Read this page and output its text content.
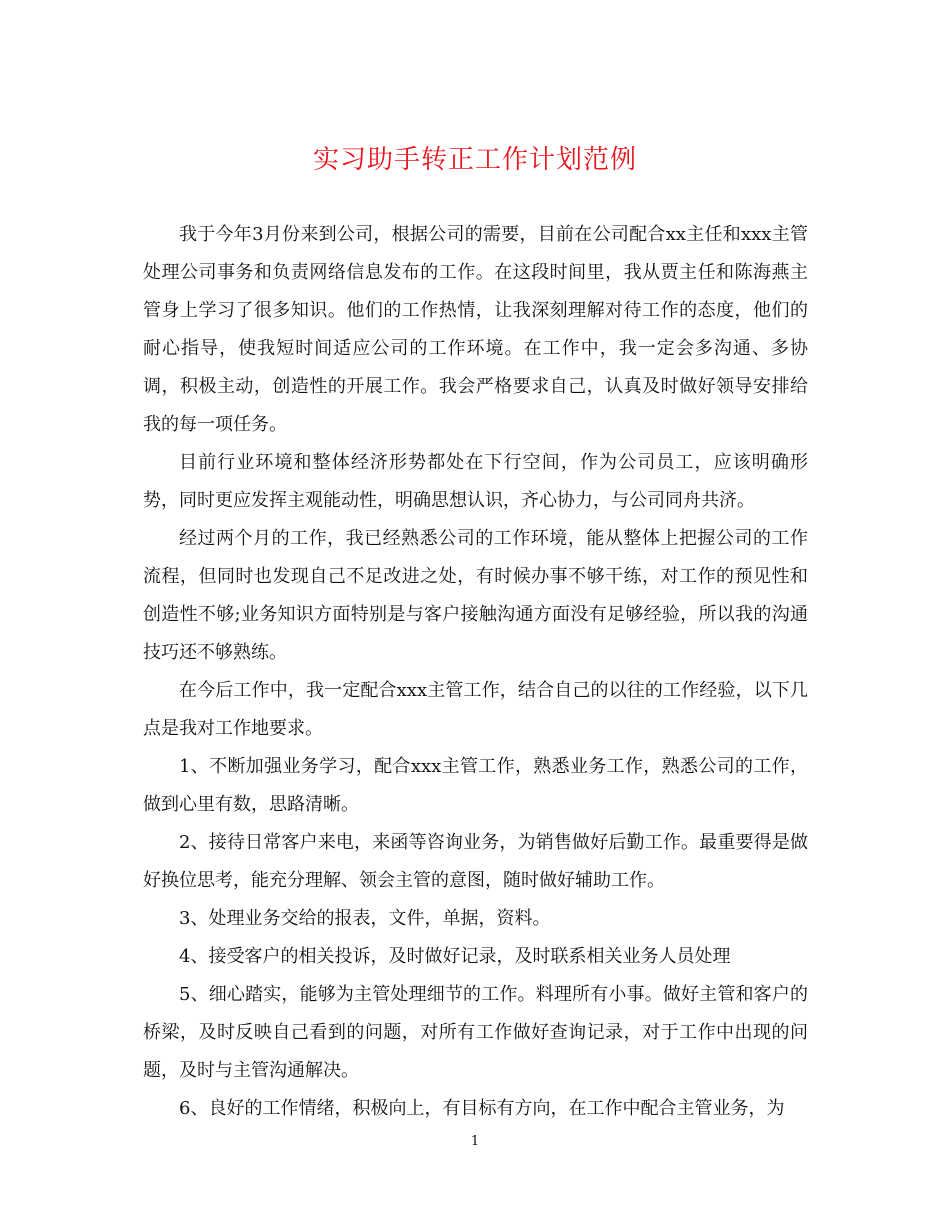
实习助手转正工作计划范例

我于今年3月份来到公司，根据公司的需要，目前在公司配合xx主任和xxx主管处理公司事务和负责网络信息发布的工作。在这段时间里，我从贾主任和陈海燕主管身上学习了很多知识。他们的工作热情，让我深刻理解对待工作的态度，他们的耐心指导，使我短时间适应公司的工作环境。在工作中，我一定会多沟通、多协调，积极主动，创造性的开展工作。我会严格要求自己，认真及时做好领导安排给我的每一项任务。

目前行业环境和整体经济形势都处在下行空间，作为公司员工，应该明确形势，同时更应发挥主观能动性，明确思想认识，齐心协力，与公司同舟共济。

经过两个月的工作，我已经熟悉公司的工作环境，能从整体上把握公司的工作流程，但同时也发现自己不足改进之处，有时候办事不够干练，对工作的预见性和创造性不够;业务知识方面特别是与客户接触沟通方面没有足够经验，所以我的沟通技巧还不够熟练。

在今后工作中，我一定配合xxx主管工作，结合自己的以往的工作经验，以下几点是我对工作地要求。

1、不断加强业务学习，配合xxx主管工作，熟悉业务工作，熟悉公司的工作，做到心里有数，思路清晰。

2、接待日常客户来电，来函等咨询业务，为销售做好后勤工作。最重要得是做好换位思考，能充分理解、领会主管的意图，随时做好辅助工作。

3、处理业务交给的报表，文件，单据，资料。

4、接受客户的相关投诉，及时做好记录，及时联系相关业务人员处理

5、细心踏实，能够为主管处理细节的工作。料理所有小事。做好主管和客户的桥梁，及时反映自己看到的问题，对所有工作做好查询记录，对于工作中出现的问题，及时与主管沟通解决。

6、良好的工作情绪，积极向上，有目标有方向，在工作中配合主管业务，为

1
